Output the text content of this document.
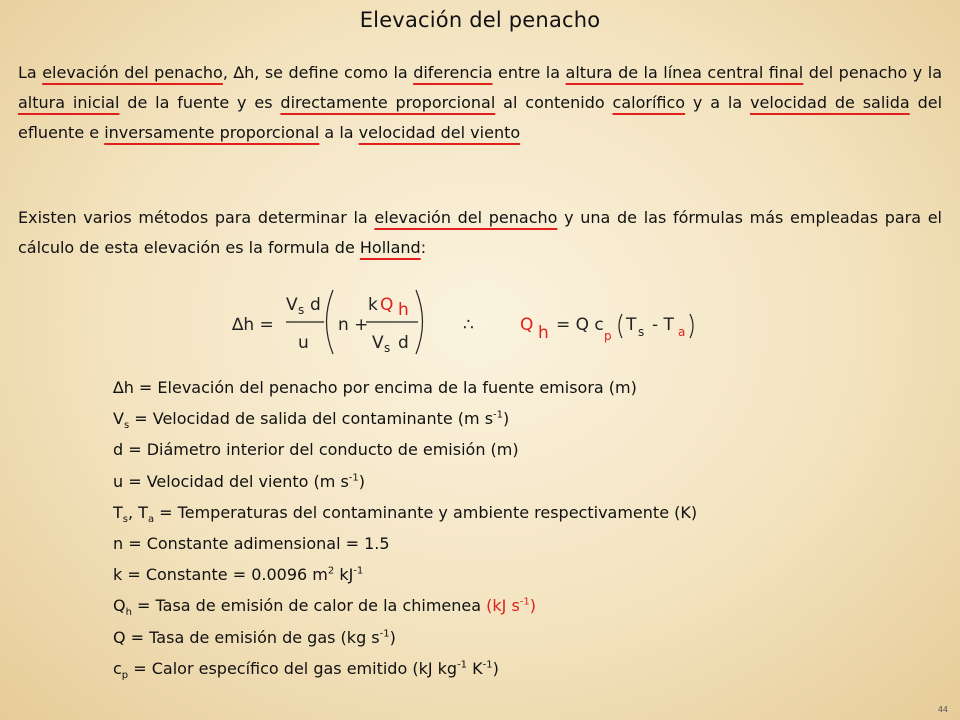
Elevación del penacho

La elevación del penacho, ∆h, se define como la diferencia entre la altura de la línea central final del penacho y la altura inicial de la fuente y es directamente proporcional al contenido calorífico y a la velocidad de salida del efluente e inversamente proporcional a la velocidad del viento

Existen varios métodos para determinar la elevación del penacho y una de las fórmulas más empleadas para el cálculo de esta elevación es la formula de Holland:

∆h =
V s d
u
n +
k Q h
V s d
∴	Q h = Q c
p
T s - T a
∆h = Elevación del penacho por encima de la fuente emisora (m)
$V_s$ = Velocidad de salida del contaminante (m $s^{-1}$)
d = Diámetro interior del conducto de emisión (m)
u = Velocidad del viento (m $s^{-1}$)
$T_s$, $T_a$ = Temperaturas del contaminante y ambiente respectivamente (K)
n = Constante adimensional = 1.5
k = Constante = 0.0096 $m^2$ $kJ^{-1}$
$Q_h$ = Tasa de emisión de calor de la chimenea (kJ $s^{-1}$)
Q = Tasa de emisión de gas (kg $s^{-1}$)
$c_p$ = Calor específico del gas emitido (kJ $kg^{-1}$ $K^{-1}$)
44
